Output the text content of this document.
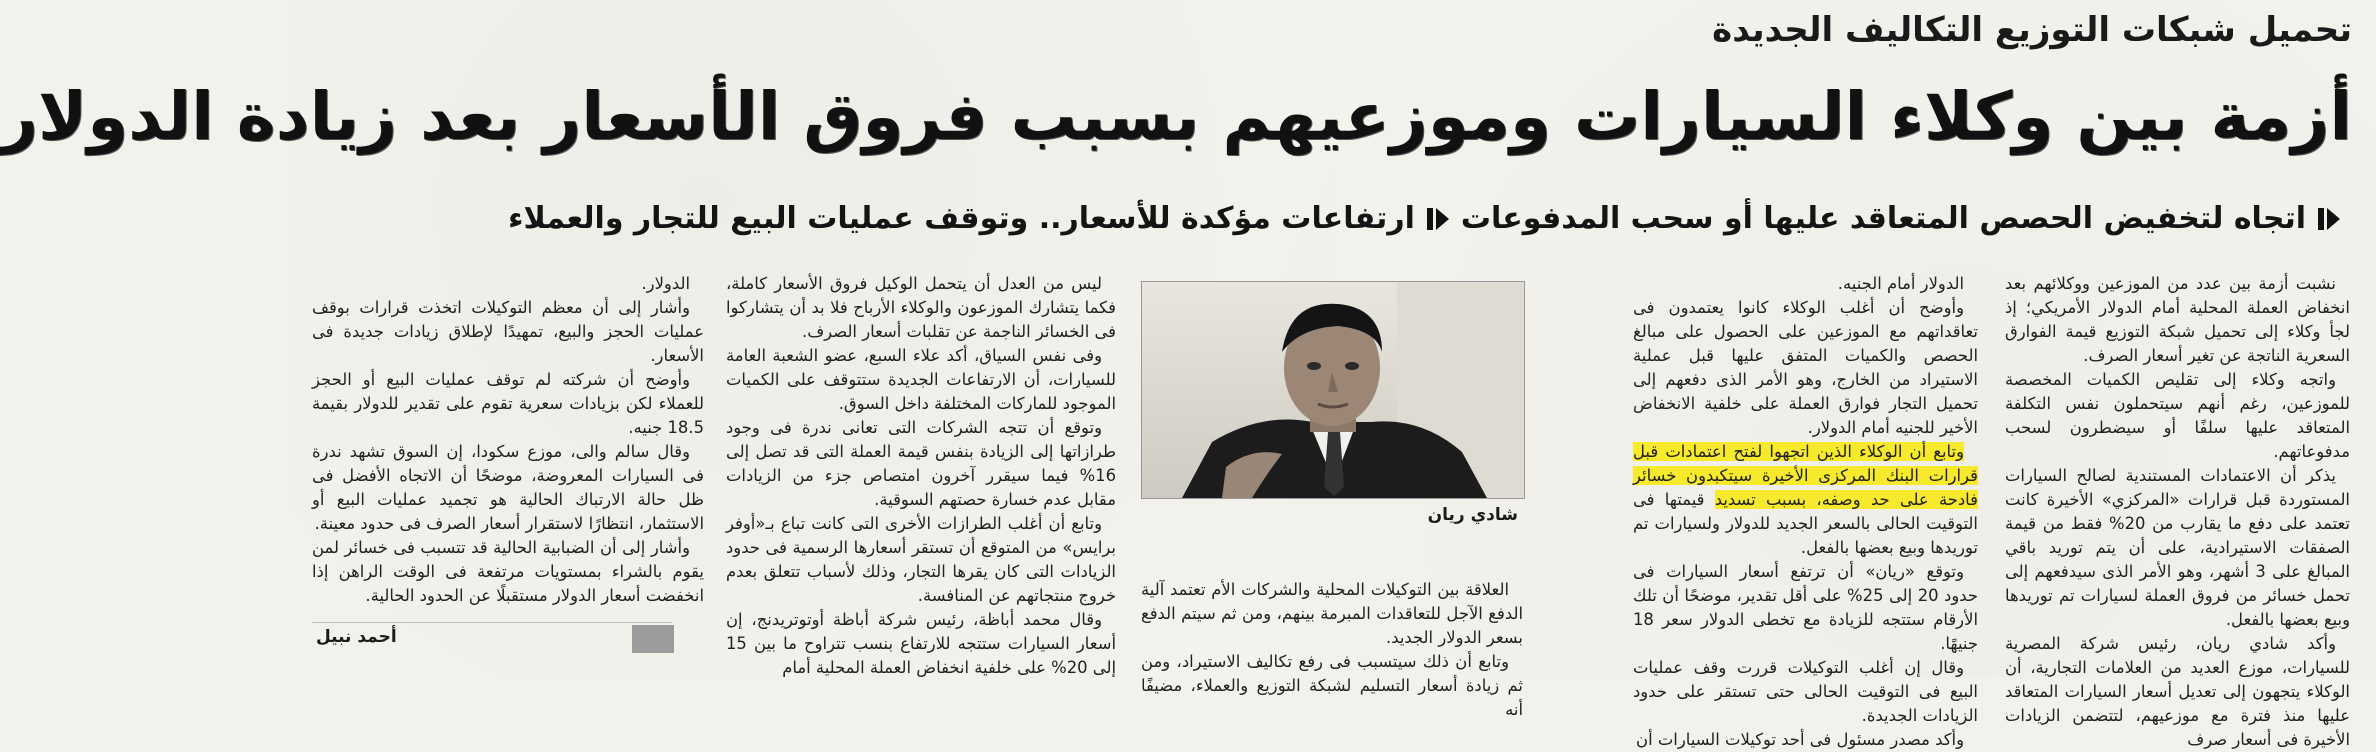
تحميل شبكات التوزيع التكاليف الجديدة
أزمة بين وكلاء السيارات وموزعيهم بسبب فروق الأسعار بعد زيادة الدولار
اتجاه لتخفيض الحصص المتعاقد عليها أو سحب المدفوعات
ارتفاعات مؤكدة للأسعار.. وتوقف عمليات البيع للتجار والعملاء

نشبت أزمة بين عدد من الموزعين ووكلائهم بعد انخفاض العملة المحلية أمام الدولار الأمريكي؛ إذ لجأ وكلاء إلى تحميل شبكة التوزيع قيمة الفوارق السعرية الناتجة عن تغير أسعار الصرف.

واتجه وكلاء إلى تقليص الكميات المخصصة للموزعين، رغم أنهم سيتحملون نفس التكلفة المتعاقد عليها سلفًا أو سيضطرون لسحب مدفوعاتهم.

يذكر أن الاعتمادات المستندية لصالح السيارات المستوردة قبل قرارات «المركزي» الأخيرة كانت تعتمد على دفع ما يقارب من 20% فقط من قيمة الصفقات الاستيرادية، على أن يتم توريد باقي المبالغ على 3 أشهر، وهو الأمر الذى سيدفعهم إلى تحمل خسائر من فروق العملة لسيارات تم توريدها وبيع بعضها بالفعل.

وأكد شادي ريان، رئيس شركة المصرية للسيارات، موزع العديد من العلامات التجارية، أن الوكلاء يتجهون إلى تعديل أسعار السيارات المتعاقد عليها منذ فترة مع موزعيهم، لتتضمن الزيادات الأخيرة فى أسعار صرف

الدولار أمام الجنيه.

وأوضح أن أغلب الوكلاء كانوا يعتمدون فى تعاقداتهم مع الموزعين على الحصول على مبالغ الحصص والكميات المتفق عليها قبل عملية الاستيراد من الخارج، وهو الأمر الذى دفعهم إلى تحميل التجار فوارق العملة على خلفية الانخفاض الأخير للجنيه أمام الدولار.

وتابع أن الوكلاء الذين اتجهوا لفتح اعتمادات قبل قرارات البنك المركزى الأخيرة سيتكبدون خسائر فادحة على حد وصفه، بسبب تسديد قيمتها فى التوقيت الحالى بالسعر الجديد للدولار ولسيارات تم توريدها وبيع بعضها بالفعل.

وتوقع «ريان» أن ترتفع أسعار السيارات فى حدود 20 إلى 25% على أقل تقدير، موضحًا أن تلك الأرقام ستتجه للزيادة مع تخطى الدولار سعر 18 جنيهًا.

وقال إن أغلب التوكيلات قررت وقف عمليات البيع فى التوقيت الحالى حتى تستقر على حدود الزيادات الجديدة.

وأكد مصدر مسئول فى أحد توكيلات السيارات أن

شادي ريان

العلاقة بين التوكيلات المحلية والشركات الأم تعتمد آلية الدفع الآجل للتعاقدات المبرمة بينهم، ومن ثم سيتم الدفع بسعر الدولار الجديد.

وتابع أن ذلك سيتسبب فى رفع تكاليف الاستيراد، ومن ثم زيادة أسعار التسليم لشبكة التوزيع والعملاء، مضيفًا أنه

ليس من العدل أن يتحمل الوكيل فروق الأسعار كاملة، فكما يتشارك الموزعون والوكلاء الأرباح فلا بد أن يتشاركوا فى الخسائر الناجمة عن تقلبات أسعار الصرف.

وفى نفس السياق، أكد علاء السبع، عضو الشعبة العامة للسيارات، أن الارتفاعات الجديدة ستتوقف على الكميات الموجود للماركات المختلفة داخل السوق.

وتوقع أن تتجه الشركات التى تعانى ندرة فى وجود طرازاتها إلى الزيادة بنفس قيمة العملة التى قد تصل إلى 16% فيما سيقرر آخرون امتصاص جزء من الزيادات مقابل عدم خسارة حصتهم السوقية.

وتابع أن أغلب الطرازات الأخرى التى كانت تباع بـ«أوفر برايس» من المتوقع أن تستقر أسعارها الرسمية فى حدود الزيادات التى كان يقرها التجار، وذلك لأسباب تتعلق بعدم خروج منتجاتهم عن المنافسة.

وقال محمد أباظة، رئيس شركة أباظة أوتوتريدنج، إن أسعار السيارات ستتجه للارتفاع بنسب تتراوح ما بين 15 إلى 20% على خلفية انخفاض العملة المحلية أمام

الدولار.

وأشار إلى أن معظم التوكيلات اتخذت قرارات بوقف عمليات الحجز والبيع، تمهيدًا لإطلاق زيادات جديدة فى الأسعار.

وأوضح أن شركته لم توقف عمليات البيع أو الحجز للعملاء لكن بزيادات سعرية تقوم على تقدير للدولار بقيمة 18.5 جنيه.

وقال سالم والى، موزع سكودا، إن السوق تشهد ندرة فى السيارات المعروضة، موضحًا أن الاتجاه الأفضل فى ظل حالة الارتباك الحالية هو تجميد عمليات البيع أو الاستثمار، انتظارًا لاستقرار أسعار الصرف فى حدود معينة.

وأشار إلى أن الضبابية الحالية قد تتسبب فى خسائر لمن يقوم بالشراء بمستويات مرتفعة فى الوقت الراهن إذا انخفضت أسعار الدولار مستقبلًا عن الحدود الحالية.

أحمد نبيل
